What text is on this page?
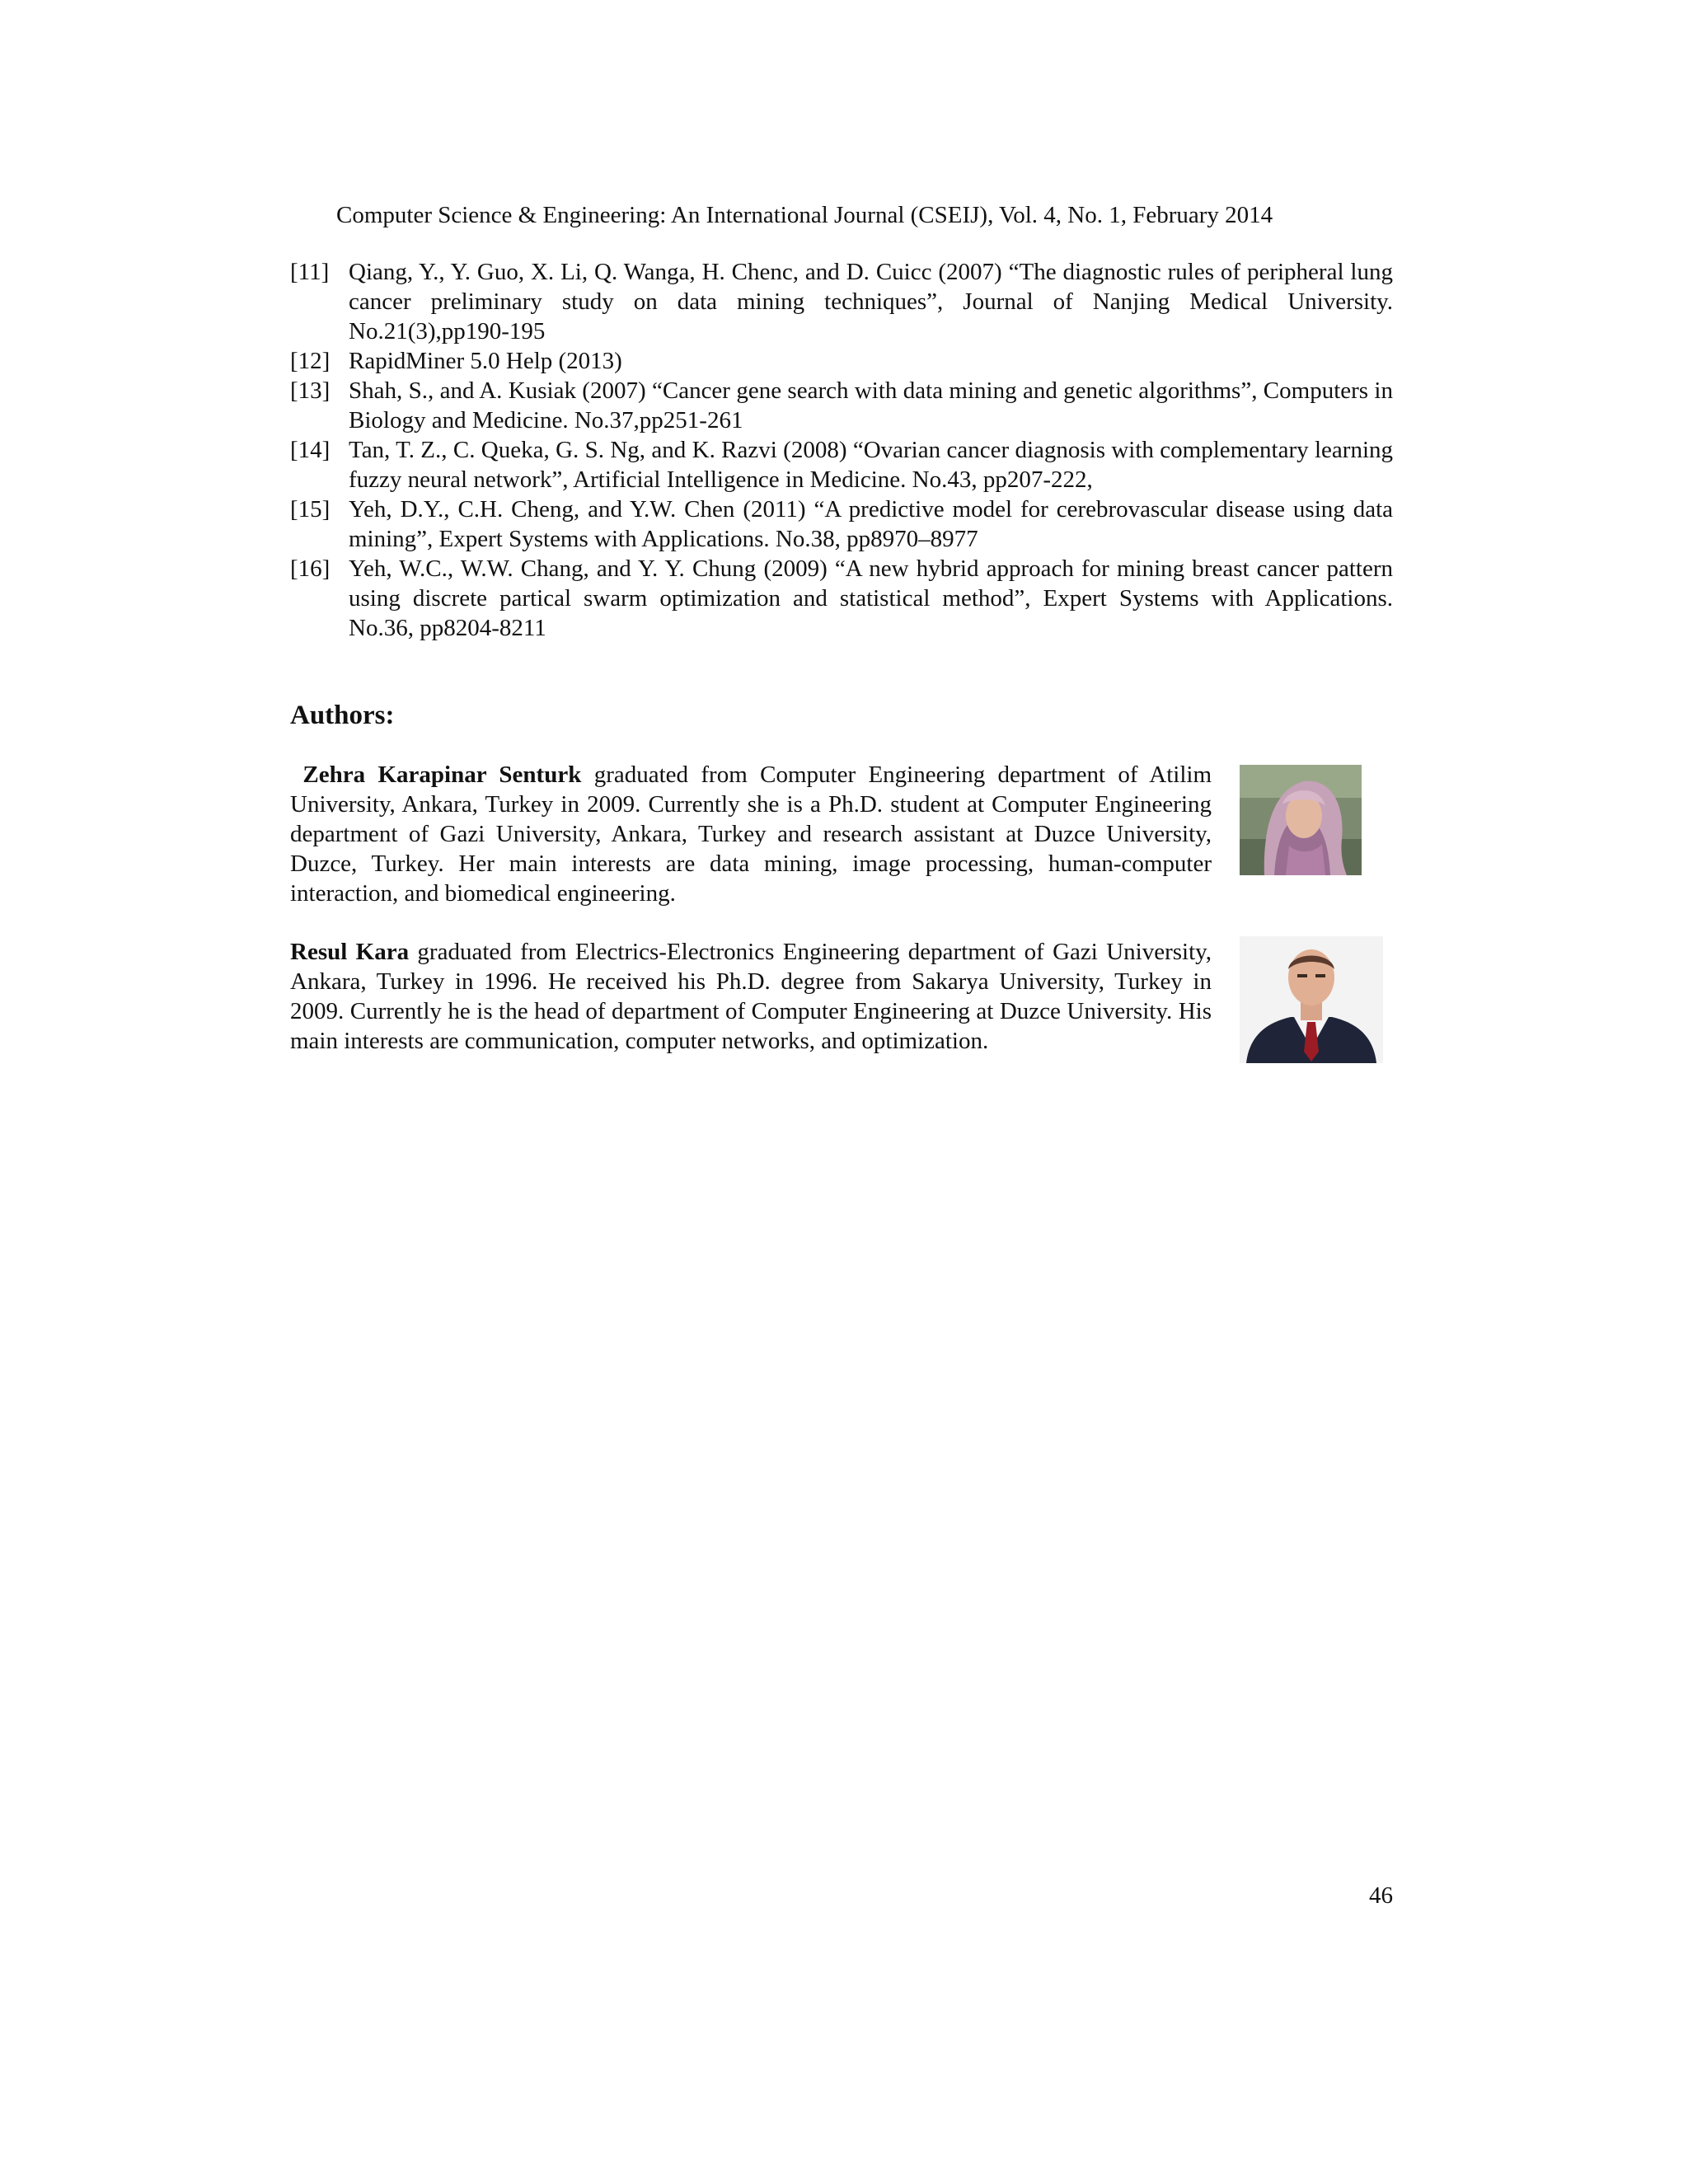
Computer Science & Engineering: An International Journal (CSEIJ), Vol. 4, No. 1, February 2014
[11] Qiang, Y., Y. Guo, X. Li, Q. Wanga, H. Chenc, and D. Cuicc (2007) “The diagnostic rules of peripheral lung cancer preliminary study on data mining techniques”, Journal of Nanjing Medical University. No.21(3),pp190-195
[12] RapidMiner 5.0 Help (2013)
[13] Shah, S., and A. Kusiak (2007) “Cancer gene search with data mining and genetic algorithms”, Computers in Biology and Medicine. No.37,pp251-261
[14] Tan, T. Z., C. Queka, G. S. Ng, and K. Razvi (2008) “Ovarian cancer diagnosis with complementary learning fuzzy neural network”, Artificial Intelligence in Medicine. No.43, pp207-222,
[15] Yeh, D.Y., C.H. Cheng, and Y.W. Chen (2011) “A predictive model for cerebrovascular disease using data mining”, Expert Systems with Applications. No.38, pp8970–8977
[16] Yeh, W.C., W.W. Chang, and Y. Y. Chung (2009) “A new hybrid approach for mining breast cancer pattern using discrete partical swarm optimization and statistical method”, Expert Systems with Applications. No.36, pp8204-8211
Authors:

Zehra Karapinar Senturk graduated from Computer Engineering department of Atilim University, Ankara, Turkey in 2009. Currently she is a Ph.D. student at Computer Engineering department of Gazi University, Ankara, Turkey and research assistant at Duzce University, Duzce, Turkey. Her main interests are data mining, image processing, human-computer interaction, and biomedical engineering.

Resul Kara graduated from Electrics-Electronics Engineering department of Gazi University, Ankara, Turkey in 1996. He received his Ph.D. degree from Sakarya University, Turkey in 2009. Currently he is the head of department of Computer Engineering at Duzce University. His main interests are communication, computer networks, and optimization.

46
